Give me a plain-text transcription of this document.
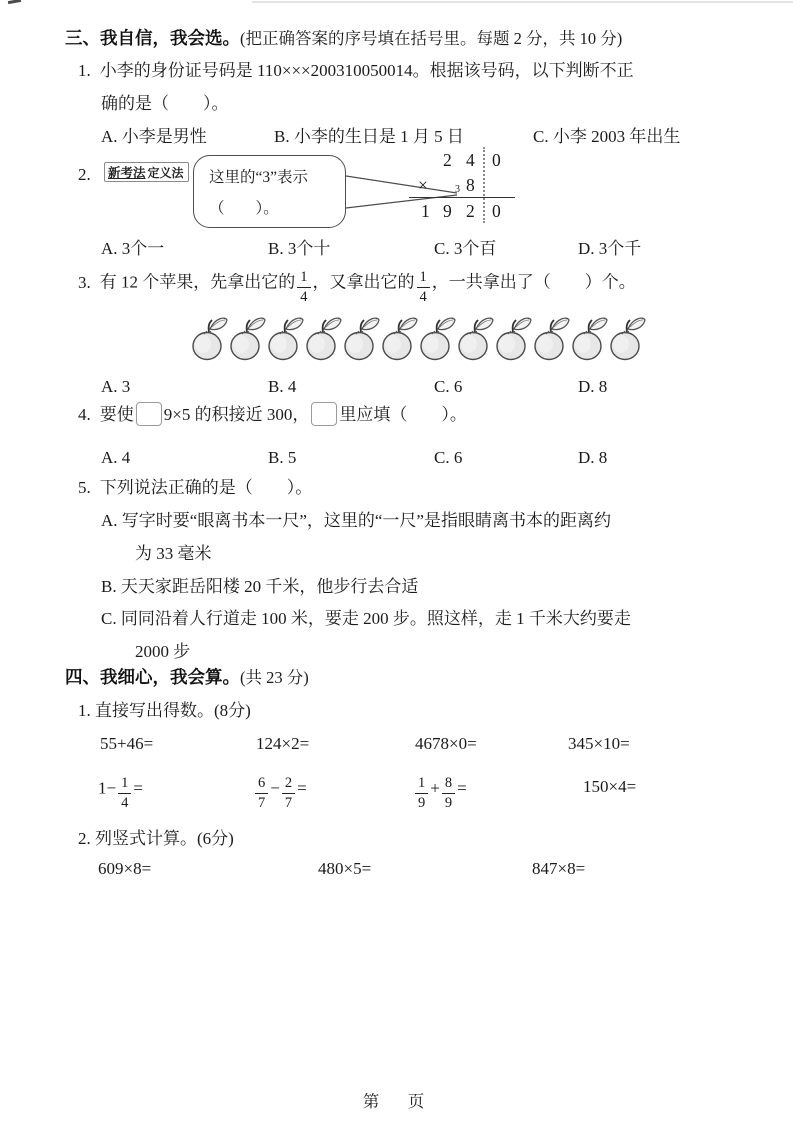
三、我自信，我会选。(把正确答案的序号填在括号里。每题 2 分，共 10 分)
1. 小李的身份证号码是 110×××200310050014。根据该号码，以下判断不正
确的是（　　）。
A. 小李是男性	B. 小李的生日是 1 月 5 日	C. 小李 2003 年出生
2. 新考法 定义法 这里的“3”表示
（　　）。
2 4 0
×	3 8
1 9 2 0
A. 3个一	B. 3个十	C. 3个百	D. 3个千
3. 有 12 个苹果，先拿出它的 $\frac{1}{4}$ ，又拿出它的 $\frac{1}{4}$ ，一共拿出了（　　）个。
A. 3	B. 4	C. 6	D. 8
4. 要使 9×5 的积接近 300， 里应填（　　）。
A. 4	B. 5	C. 6	D. 8
5. 下列说法正确的是（　　）。
A. 写字时要“眼离书本一尺”，这里的“一尺”是指眼睛离书本的距离约
为 33 毫米
B. 天天家距岳阳楼 20 千米，他步行去合适
C. 同同沿着人行道走 100 米，要走 200 步。照这样，走 1 千米大约要走
2000 步
四、我细心，我会算。(共 23 分)
1. 直接写出得数。(8分)
55+46=	124×2=	4678×0=	345×10=
$1- \frac{1}{4}$ =	$\frac{6}{7} - \frac{2}{7}$ =	$\frac{1}{9} + \frac{8}{9}$ =	150×4=
2. 列竖式计算。(6分)
609×8=	480×5=	847×8=
第　页
